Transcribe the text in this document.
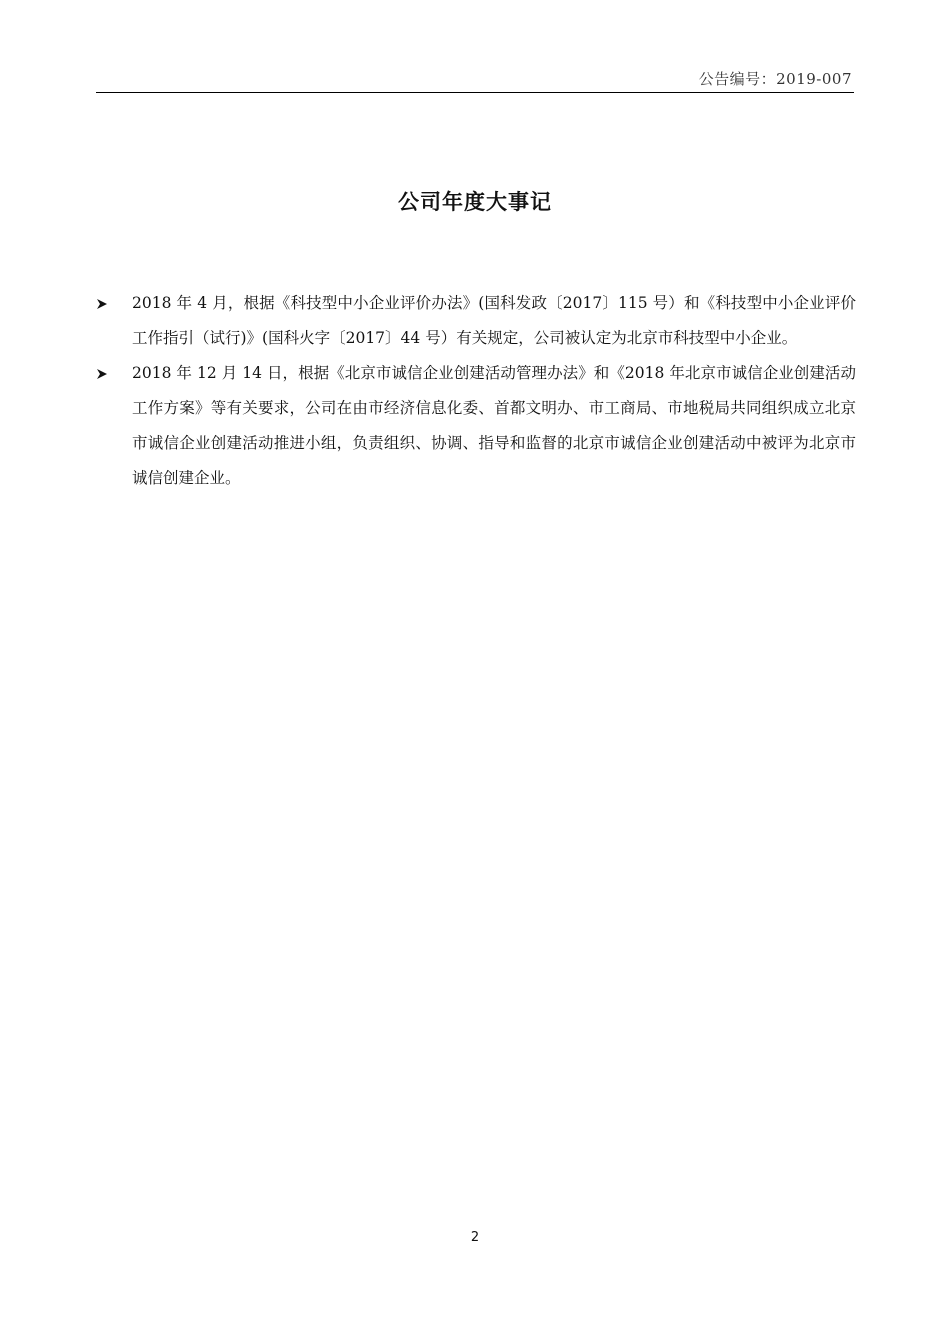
公告编号：2019-007
公司年度大事记
2018 年 4 月，根据《科技型中小企业评价办法》(国科发政〔2017〕115 号）和《科技型中小企业评价工作指引（试行)》(国科火字〔2017〕44 号）有关规定，公司被认定为北京市科技型中小企业。
2018 年 12 月 14 日，根据《北京市诚信企业创建活动管理办法》和《2018 年北京市诚信企业创建活动工作方案》等有关要求，公司在由市经济信息化委、首都文明办、市工商局、市地税局共同组织成立北京市诚信企业创建活动推进小组，负责组织、协调、指导和监督的北京市诚信企业创建活动中被评为北京市诚信创建企业。
2
